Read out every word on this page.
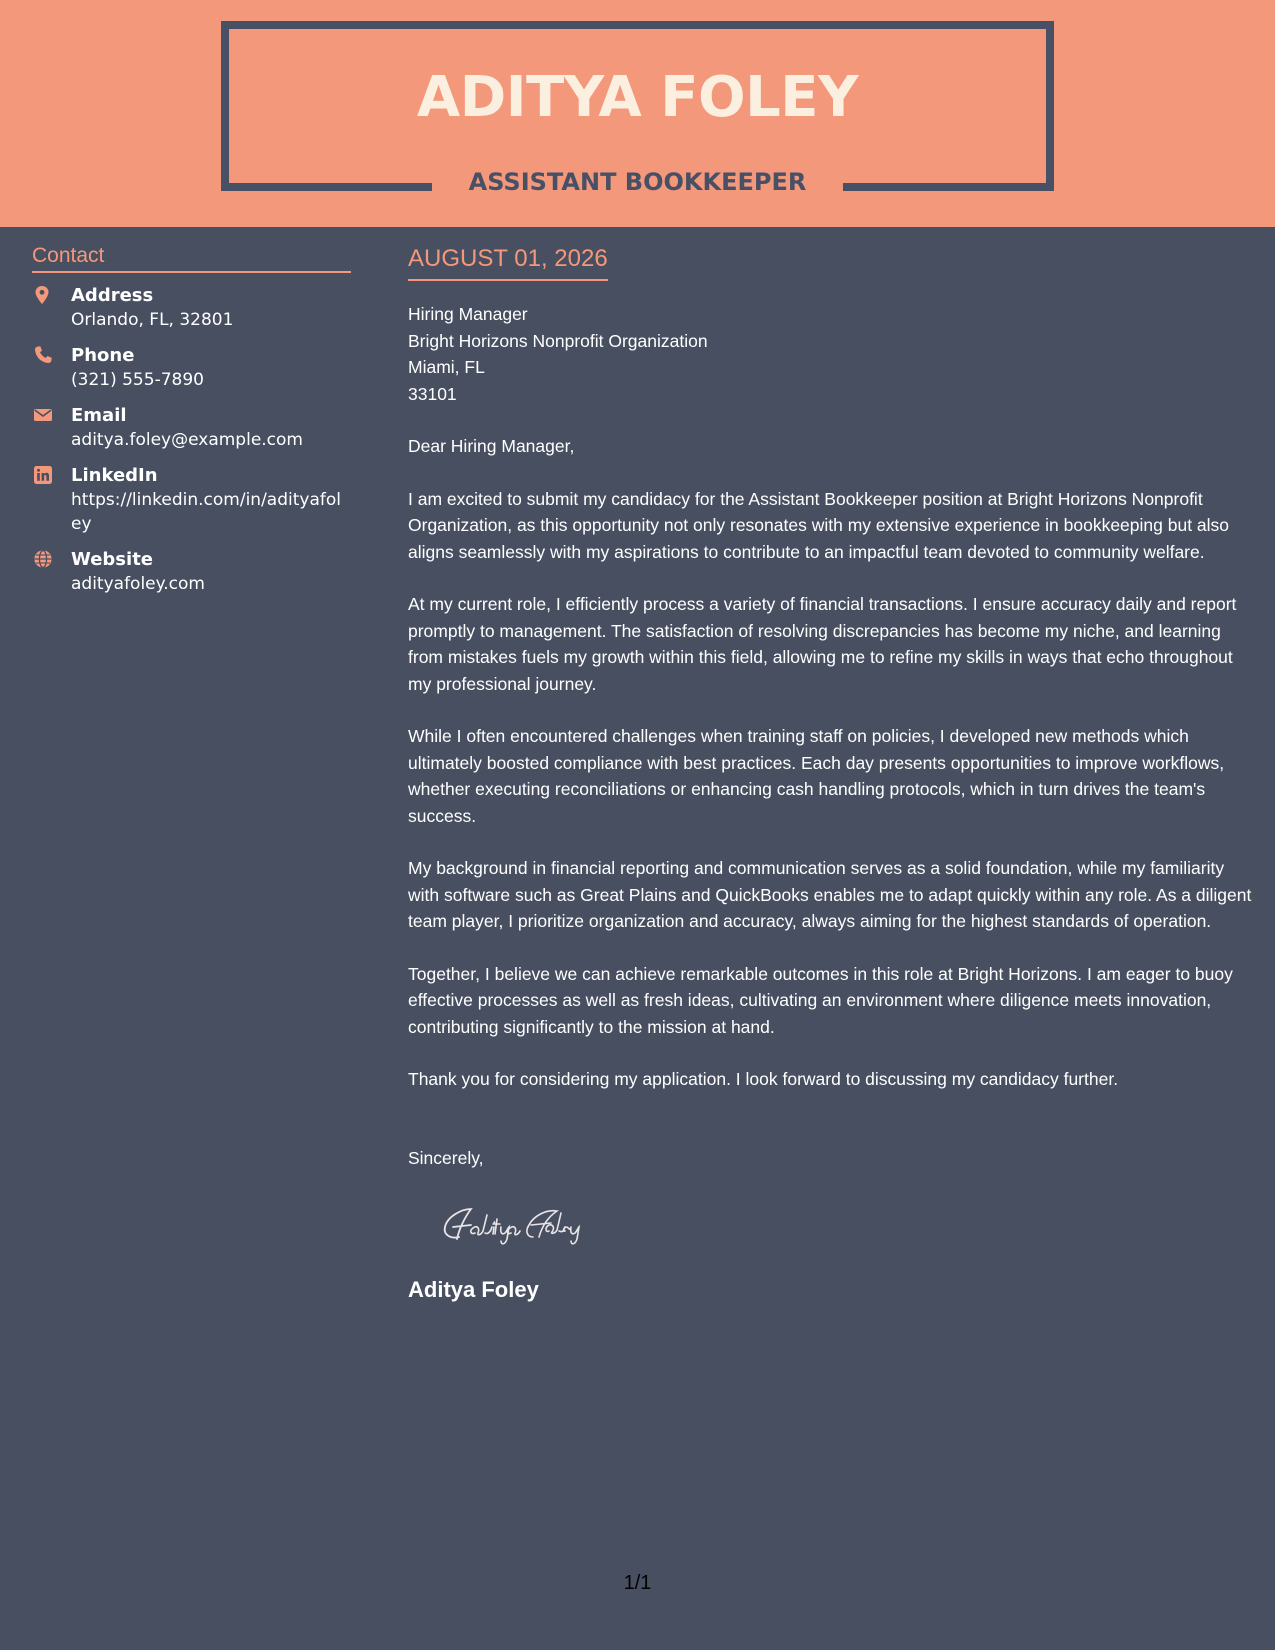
ADITYA FOLEY
ASSISTANT BOOKKEEPER
Contact
Address
Orlando, FL, 32801
Phone
(321) 555-7890
Email
aditya.foley@example.com
LinkedIn
https://linkedin.com/in/adityafoley
Website
adityafoley.com
AUGUST 01, 2026
Hiring Manager
Bright Horizons Nonprofit Organization
Miami, FL
33101
Dear Hiring Manager,
I am excited to submit my candidacy for the Assistant Bookkeeper position at Bright Horizons Nonprofit Organization, as this opportunity not only resonates with my extensive experience in bookkeeping but also aligns seamlessly with my aspirations to contribute to an impactful team devoted to community welfare.
At my current role, I efficiently process a variety of financial transactions. I ensure accuracy daily and report promptly to management. The satisfaction of resolving discrepancies has become my niche, and learning from mistakes fuels my growth within this field, allowing me to refine my skills in ways that echo throughout my professional journey.
While I often encountered challenges when training staff on policies, I developed new methods which ultimately boosted compliance with best practices. Each day presents opportunities to improve workflows, whether executing reconciliations or enhancing cash handling protocols, which in turn drives the team's success.
My background in financial reporting and communication serves as a solid foundation, while my familiarity with software such as Great Plains and QuickBooks enables me to adapt quickly within any role. As a diligent team player, I prioritize organization and accuracy, always aiming for the highest standards of operation.
Together, I believe we can achieve remarkable outcomes in this role at Bright Horizons. I am eager to buoy effective processes as well as fresh ideas, cultivating an environment where diligence meets innovation, contributing significantly to the mission at hand.
Thank you for considering my application. I look forward to discussing my candidacy further.
Sincerely,
Aditya Foley
1/1
